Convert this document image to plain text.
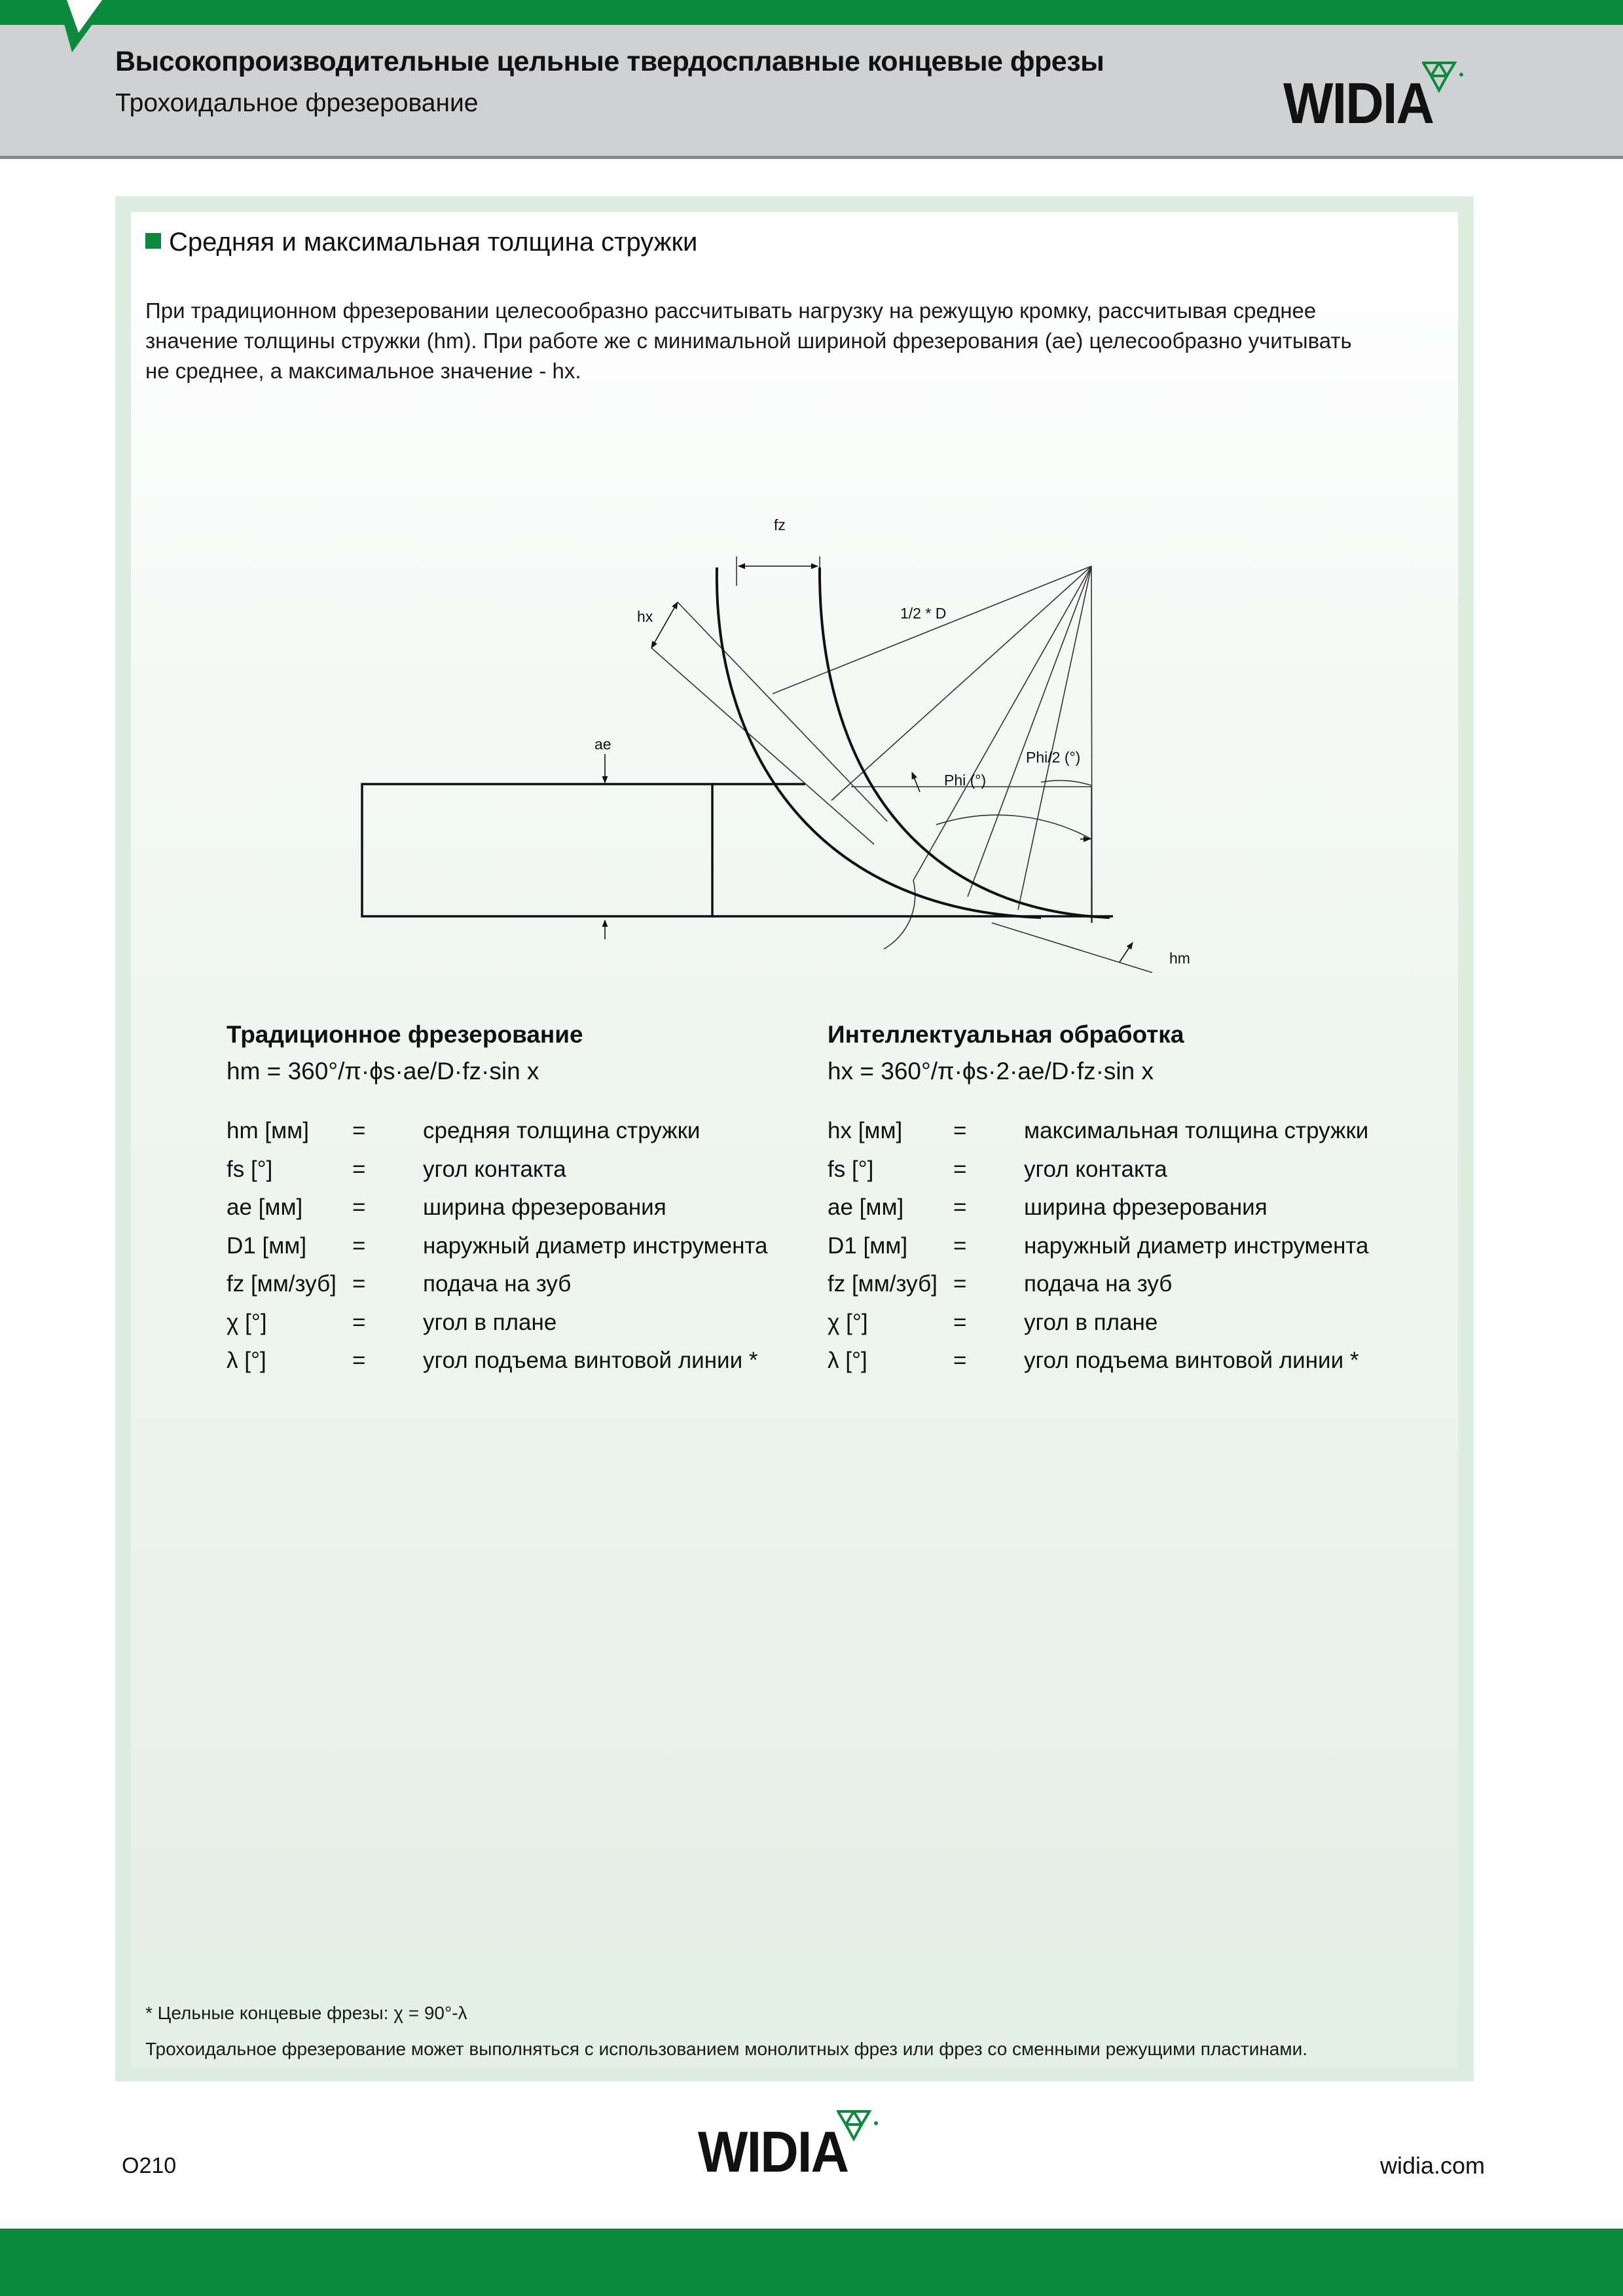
Высокопроизводительные цельные твердосплавные концевые фрезы
Трохоидальное фрезерование	WIDIA
Средняя и максимальная толщина стружки

При традиционном фрезеровании целесообразно рассчитывать нагрузку на режущую кромку, рассчитывая среднее

значение толщины стружки (hm). При работе же с минимальной шириной фрезерования (ae) целесообразно учитывать

не среднее, а максимальное значение - hx.

fz
hx	1/2 * D
ae
Phi (°)
Phi/2 (°)
hm
Традиционное фрезерование
hm = 360°/π·ϕs·ae/D·fz·sin x
hm [мм] =	средняя толщина стружки
fs [°]	=	угол контакта
ae [мм] =	ширина фрезерования
D1 [мм] =	наружный диаметр инструмента
fz [мм/зуб] =	подача на зуб
χ [°]	=	угол в плане
λ [°]	=	угол подъема винтовой линии *
Интеллектуальная обработка
hx = 360°/π·ϕs·2·ae/D·fz·sin x
hx [мм] =	максимальная толщина стружки
fs [°]	=	угол контакта
ae [мм] =	ширина фрезерования
D1 [мм] =	наружный диаметр инструмента
fz [мм/зуб] =	подача на зуб
χ [°]	=	угол в плане
λ [°]	=	угол подъема винтовой линии *
* Цельные концевые фрезы: χ = 90°-λ
Трохоидальное фрезерование может выполняться с использованием монолитных фрез или фрез со сменными режущими пластинами.
O210	WIDIA	widia.com
